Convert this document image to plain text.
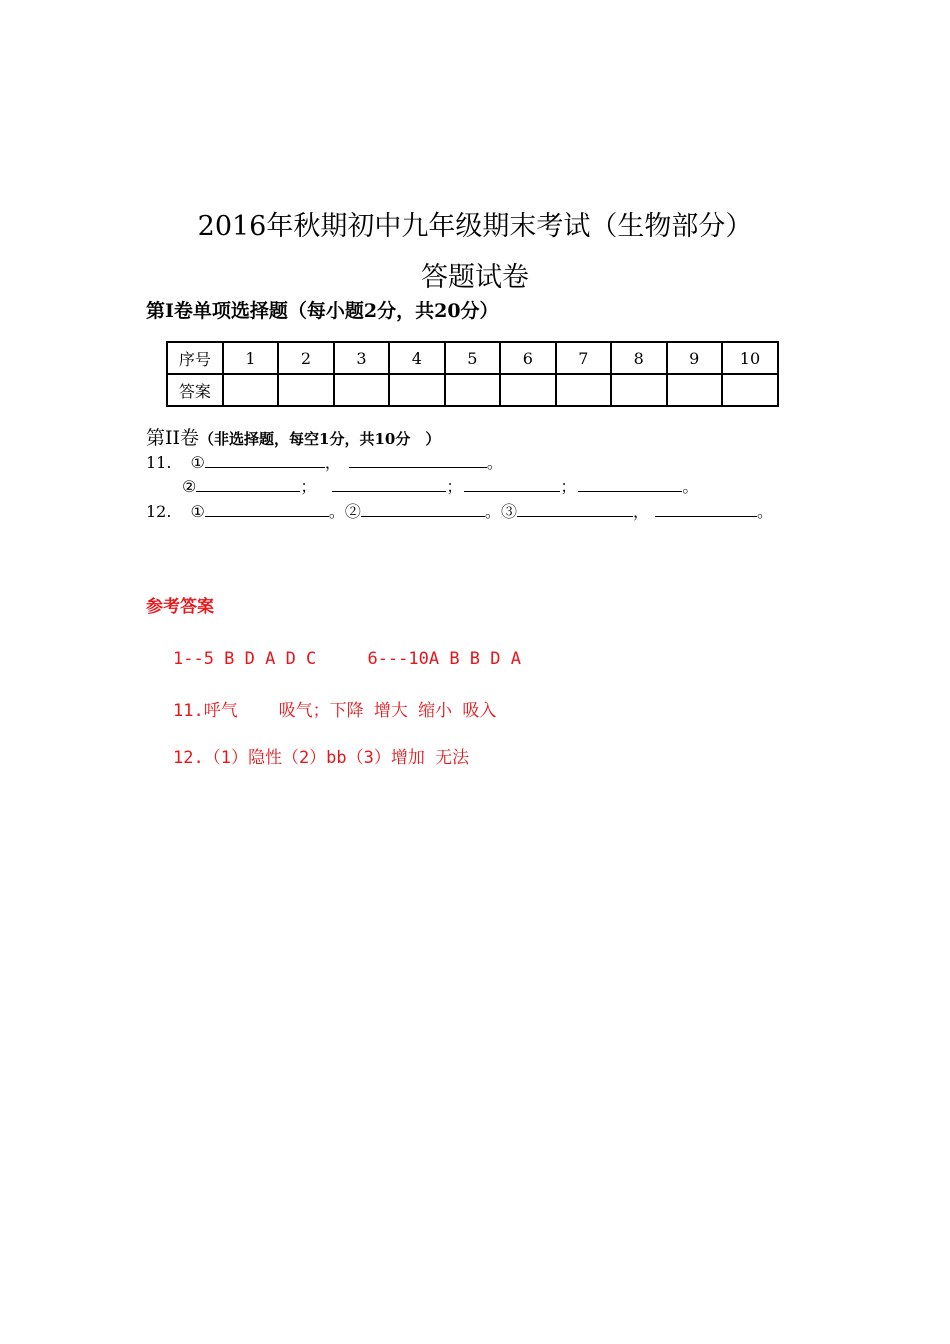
2016年秋期初中九年级期末考试（生物部分）
答题试卷
第Ⅰ卷单项选择题（每小题2分，共20分）
序号	1	2	3	4	5	6	7	8	9	10
答案										
第II卷（非选择题，每空1分，共10分　）
11. ①	，	。
②	；	；	；	。
12. ①	。②	。③	，	。
参考答案
1--5 B D A D C     6---10A B B D A
11.呼气    吸气；下降 增大 缩小 吸入
12.（1）隐性（2）bb（3）增加 无法
